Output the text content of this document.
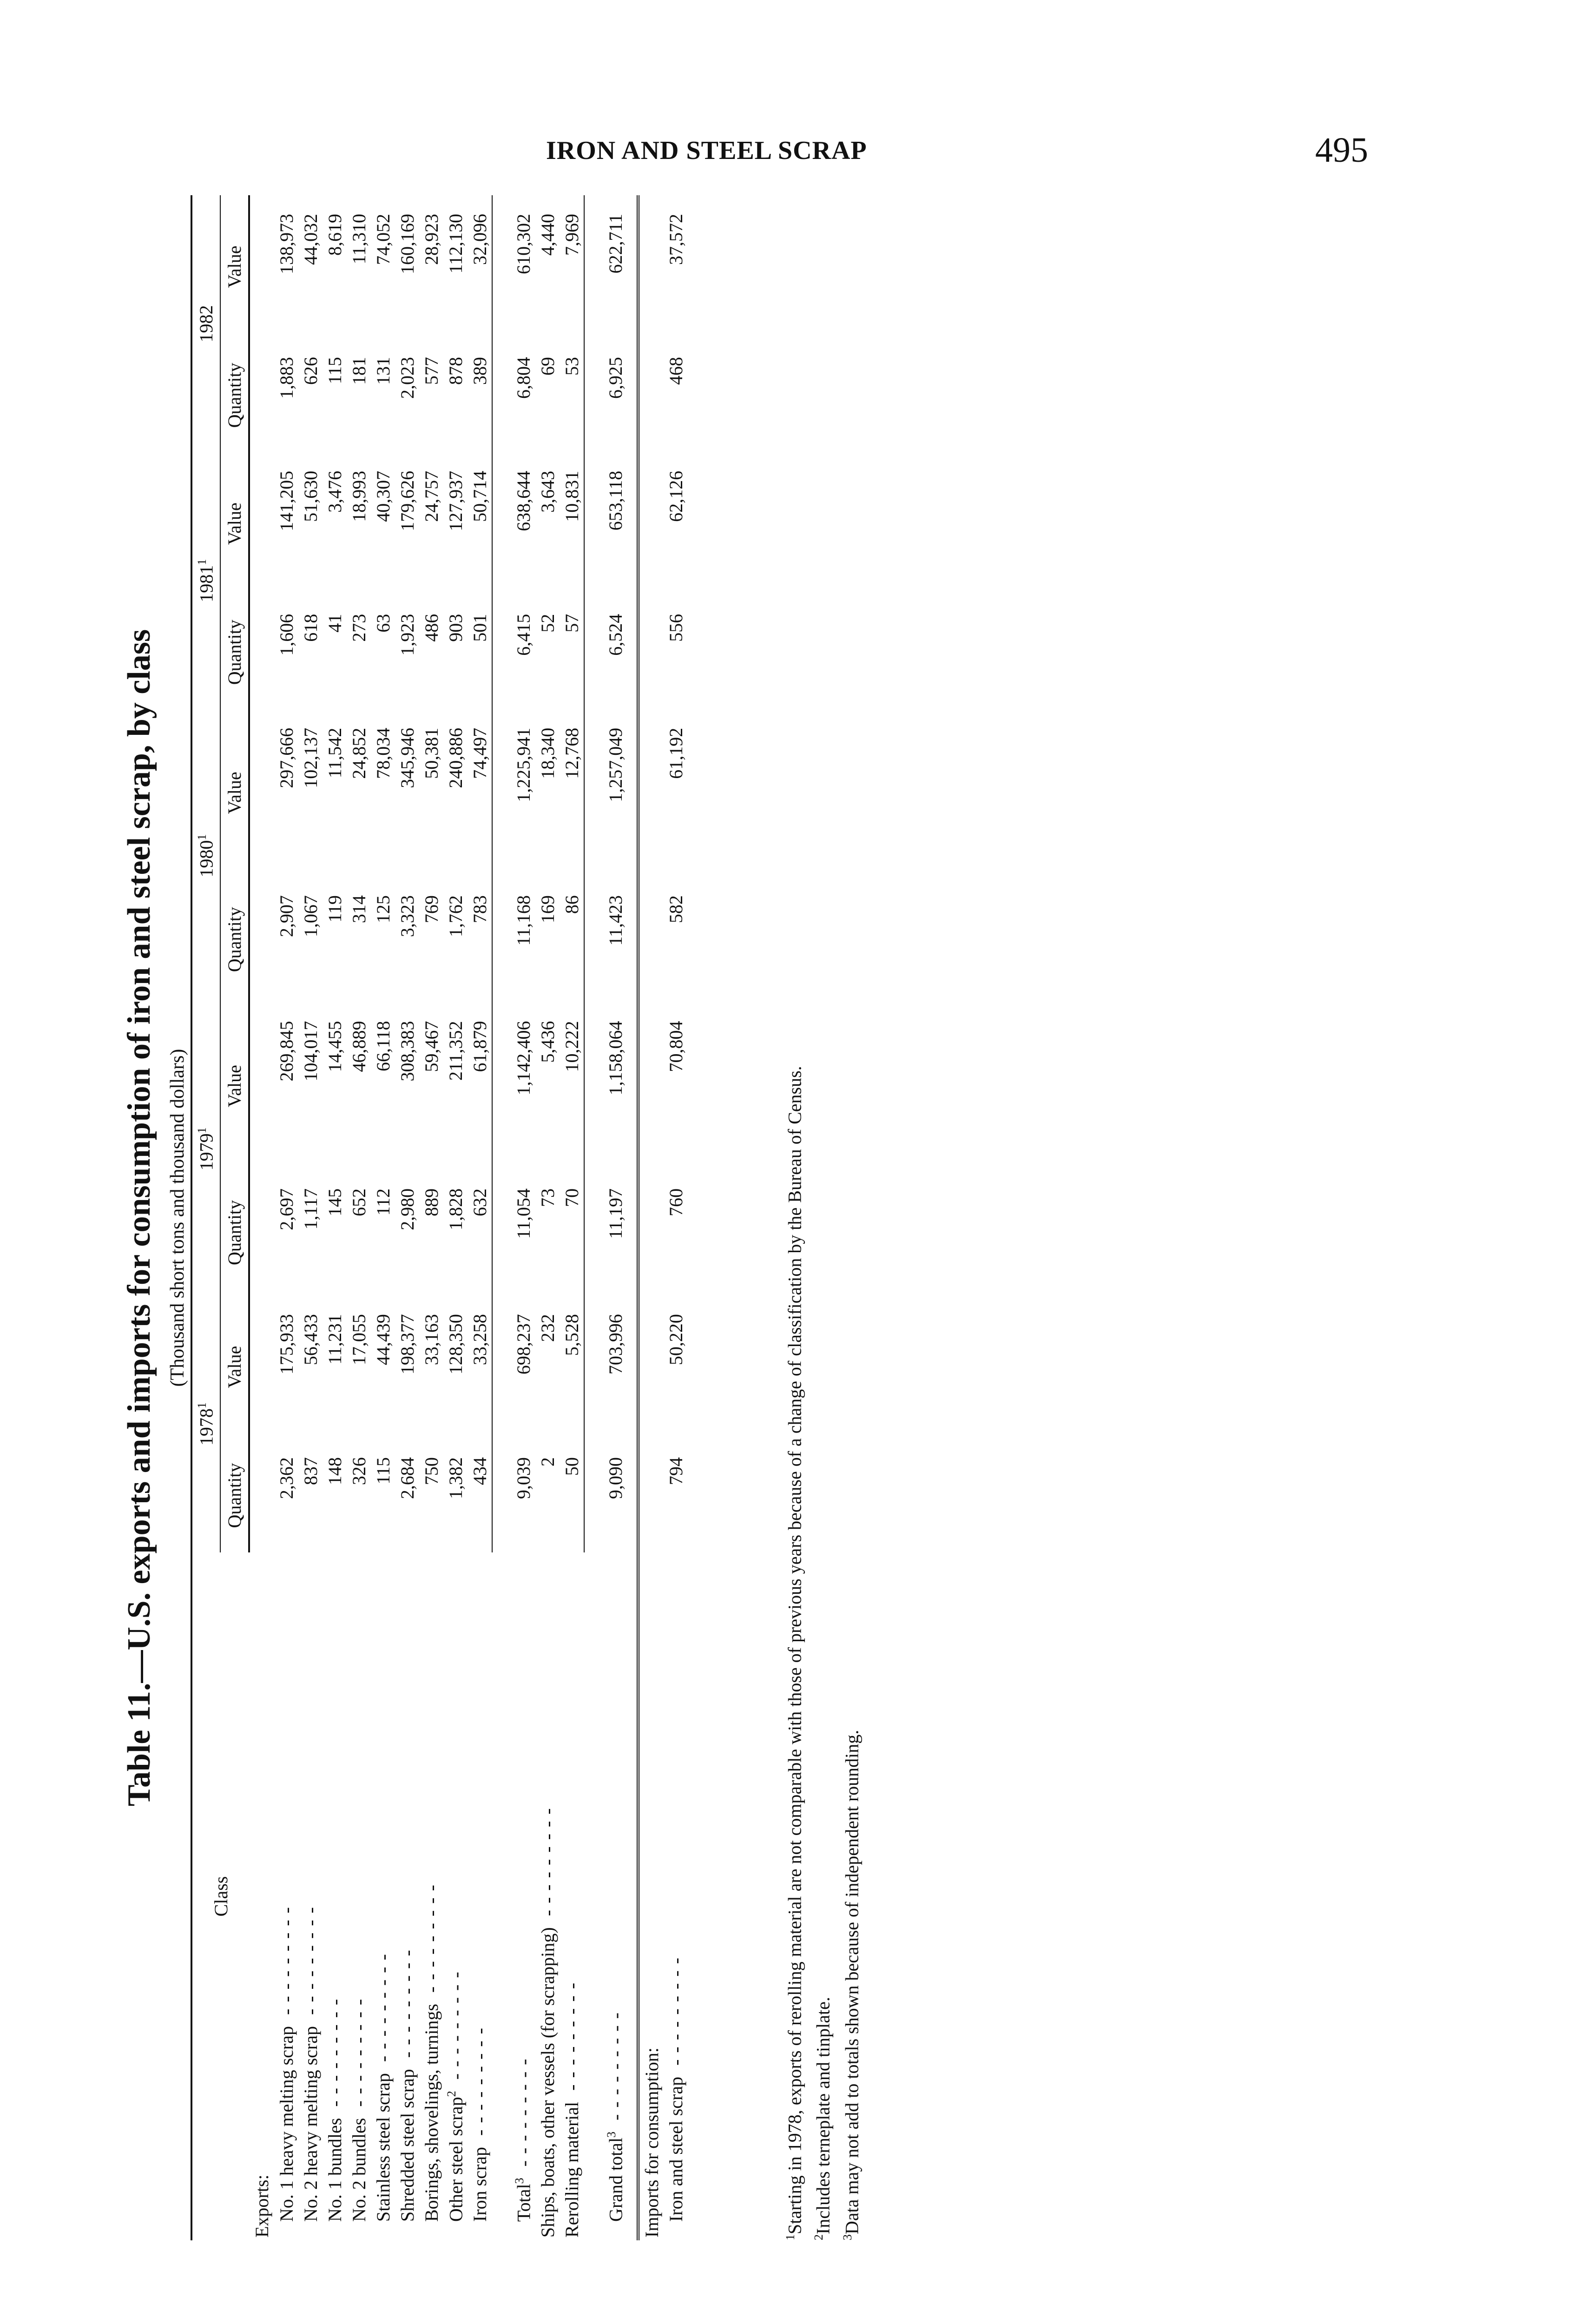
IRON AND STEEL SCRAP	495
Table 11.—U.S. exports and imports for consumption of iron and steel scrap, by class (Thousand short tons and thousand dollars)
Class	1978$^1$		1979$^1$		1980$^1$		1981$^1$		1982	
	Quantity	Value	Quantity	Value	Quantity	Value	Quantity	Value	Quantity	Value
Exports:										
No. 1 heavy melting scrap ---------	2,362	175,933	2,697	269,845	2,907	297,666	1,606	141,205	1,883	138,973
No. 2 heavy melting scrap ---------	837	56,433	1,117	104,017	1,067	102,137	618	51,630	626	44,032
No. 1 bundles ---------	148	11,231	145	14,455	119	11,542	41	3,476	115	8,619
No. 2 bundles ---------	326	17,055	652	46,889	314	24,852	273	18,993	181	11,310
Stainless steel scrap ---------	115	44,439	112	66,118	125	78,034	63	40,307	131	74,052
Shredded steel scrap ---------	2,684	198,377	2,980	308,383	3,323	345,946	1,923	179,626	2,023	160,169
Borings, shovelings, turnings ---------	750	33,163	889	59,467	769	50,381	486	24,757	577	28,923
Other steel scrap$^2$ ---------	1,382	128,350	1,828	211,352	1,762	240,886	903	127,937	878	112,130
Iron scrap ---------	434	33,258	632	61,879	783	74,497	501	50,714	389	32,096

Total$^3$ ---------	9,039	698,237	11,054	1,142,406	11,168	1,225,941	6,415	638,644	6,804	610,302
Ships, boats, other vessels (for scrapping) ---------	2	232	73	5,436	169	18,340	52	3,643	69	4,440
Rerolling material ---------	50	5,528	70	10,222	86	12,768	57	10,831	53	7,969

Grand total$^3$ ---------	9,090	703,996	11,197	1,158,064	11,423	1,257,049	6,524	653,118	6,925	622,711

Imports for consumption:										
Iron and steel scrap ---------	794	50,220	760	70,804	582	61,192	556	62,126	468	37,572

$^1$Starting in 1978, exports of rerolling material are not comparable with those of previous years because of a change of classification by the Bureau of Census.

$^2$Includes terneplate and tinplate.

$^3$Data may not add to totals shown because of independent rounding.
